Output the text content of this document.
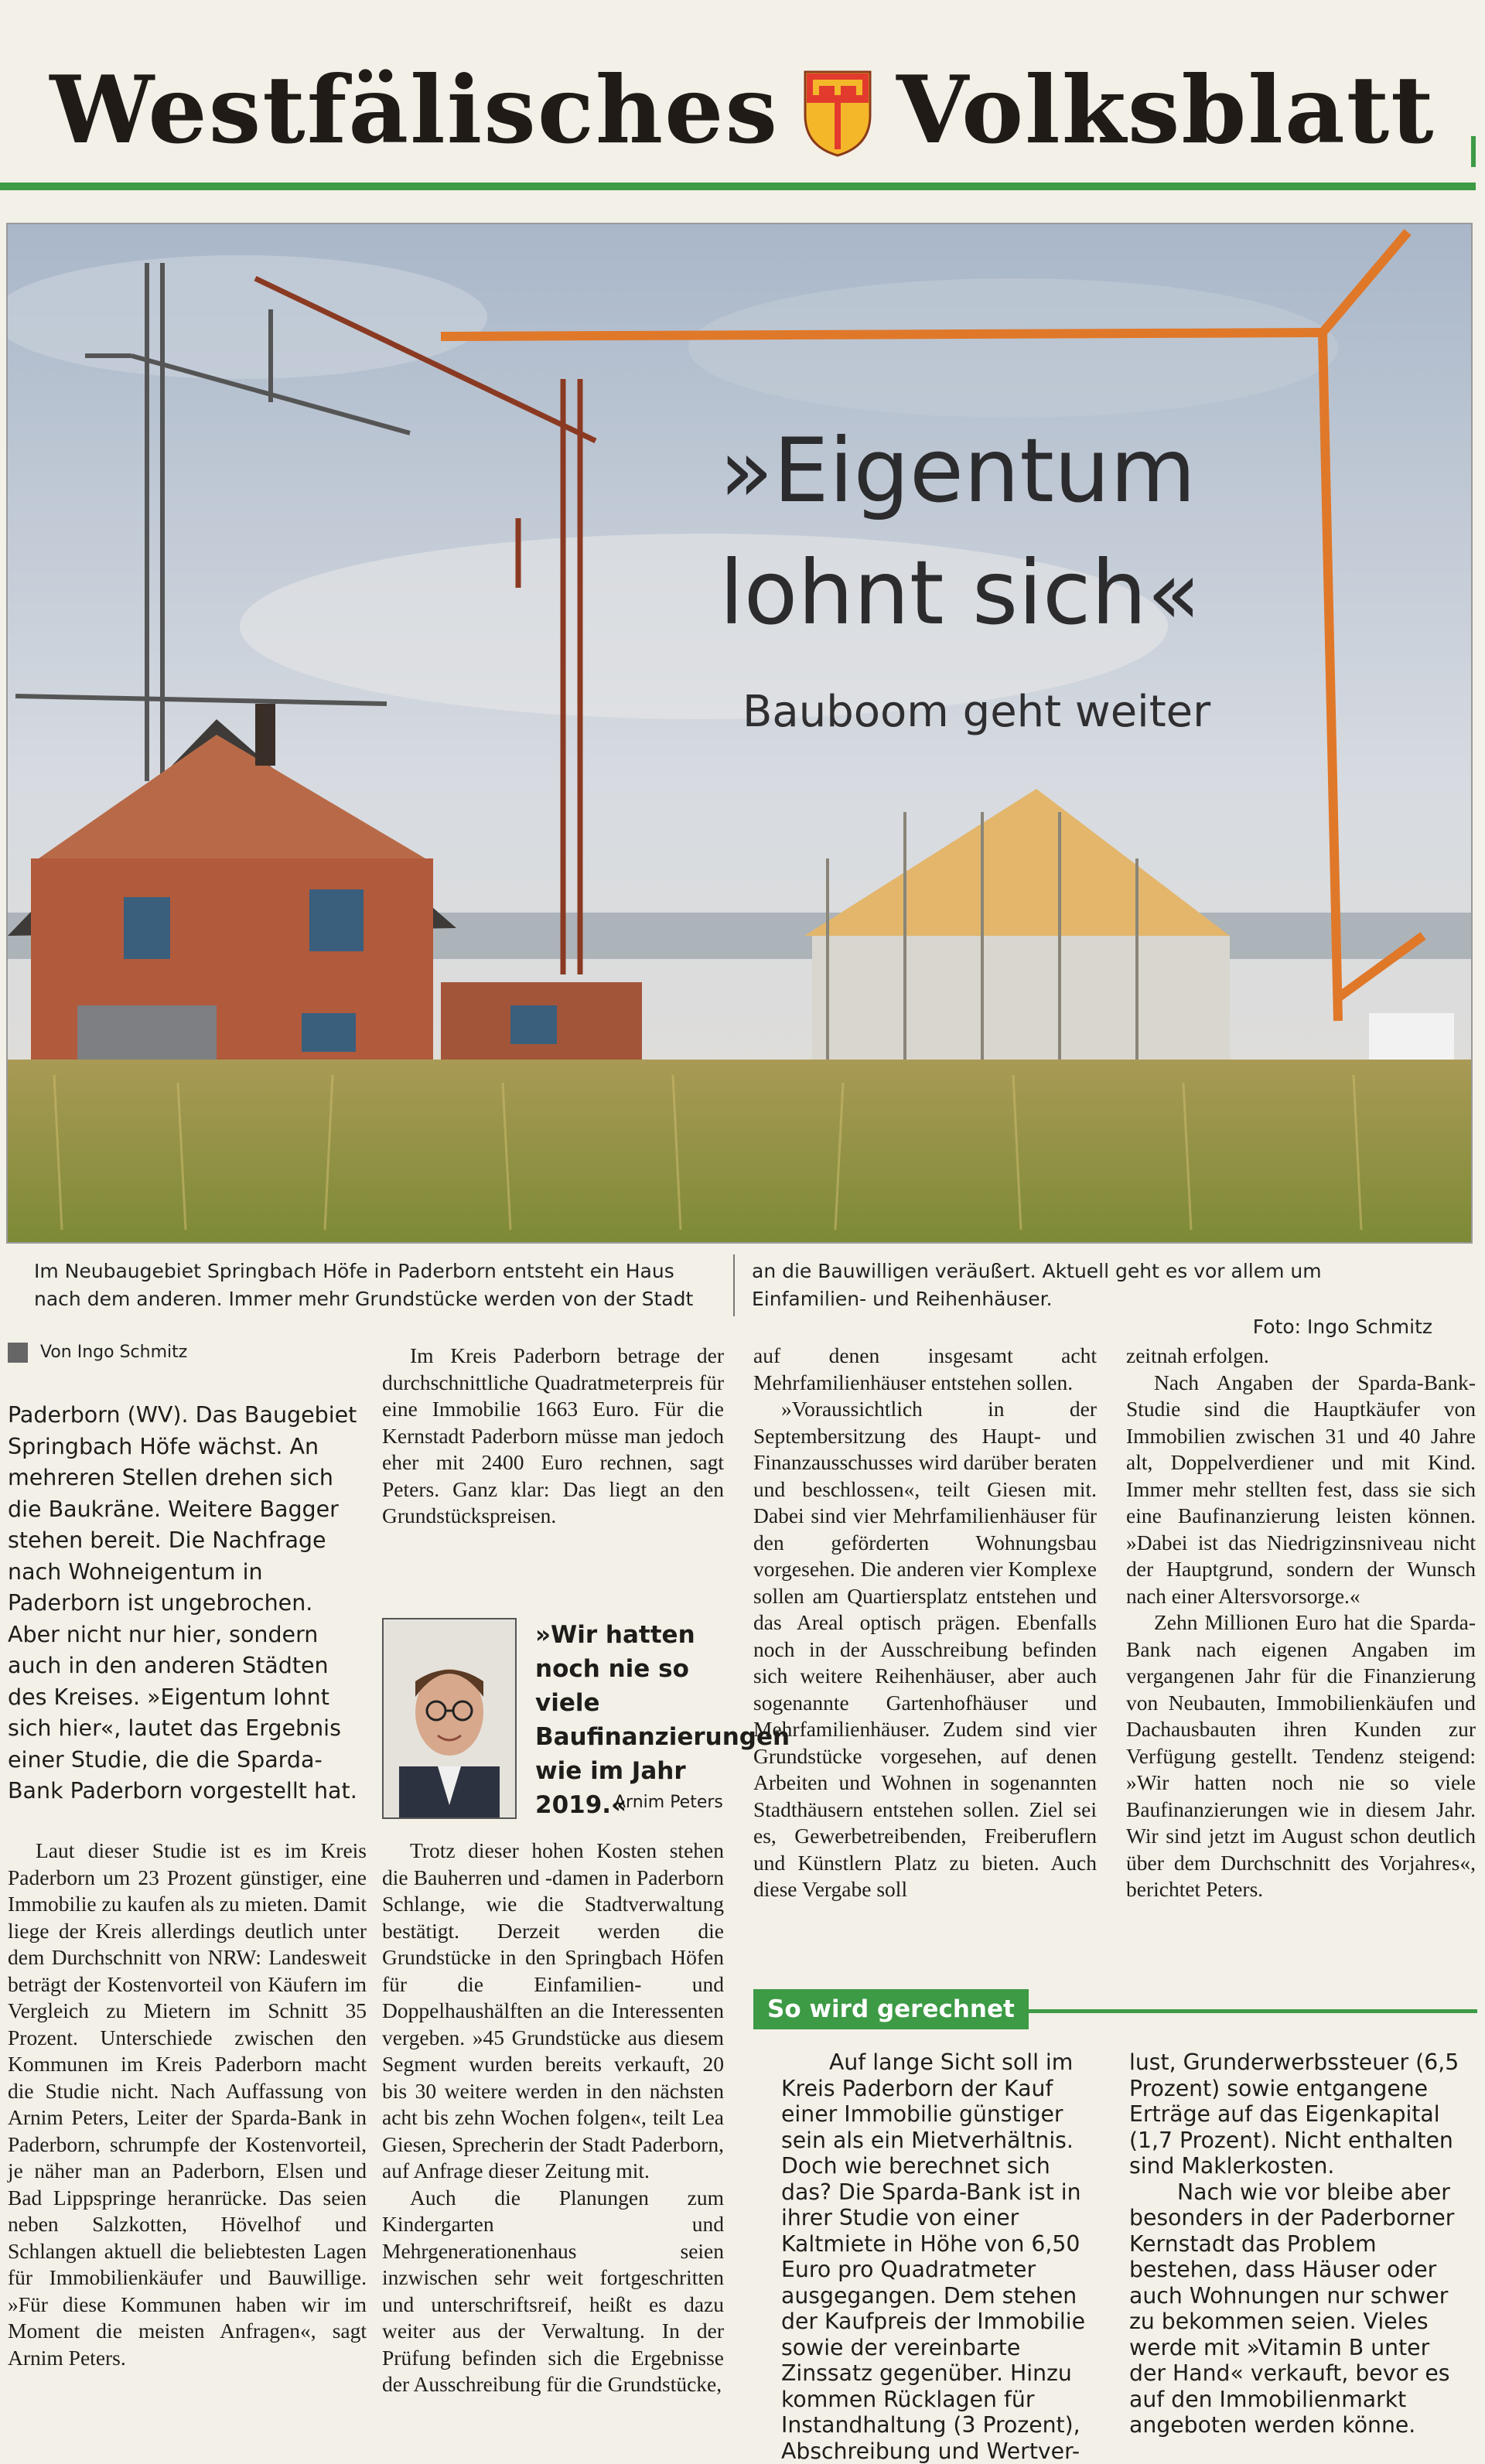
Westfälisches Volksblatt
»Eigentum
lohnt sich«
Bauboom geht weiter
Im Neubaugebiet Springbach Höfe in Paderborn entsteht ein Haus nach dem anderen. Immer mehr Grundstücke werden von der Stadt
an die Bauwilligen veräußert. Aktuell geht es vor allem um Einfamilien- und Reihenhäuser.
Foto: Ingo Schmitz
Von Ingo Schmitz

Paderborn (WV). Das Baugebiet Springbach Höfe wächst. An mehreren Stellen drehen sich die Baukräne. Weitere Bagger stehen bereit. Die Nachfrage nach Wohneigentum in Paderborn ist ungebrochen. Aber nicht nur hier, sondern auch in den anderen Städten des Kreises. »Eigentum lohnt sich hier«, lautet das Ergebnis einer Studie, die die Sparda-Bank Paderborn vorgestellt hat.

Laut dieser Studie ist es im Kreis Paderborn um 23 Prozent günstiger, eine Immobilie zu kaufen als zu mieten. Damit liege der Kreis allerdings deutlich unter dem Durchschnitt von NRW: Landesweit beträgt der Kostenvorteil von Käufern im Vergleich zu Mietern im Schnitt 35 Prozent. Unterschiede zwischen den Kommunen im Kreis Paderborn macht die Studie nicht. Nach Auffassung von Arnim Peters, Leiter der Sparda-Bank in Paderborn, schrumpfe der Kostenvorteil, je näher man an Paderborn, Elsen und Bad Lippspringe heranrücke. Das seien neben Salzkotten, Hövelhof und Schlangen aktuell die beliebtesten Lagen für Immobilienkäufer und Bauwillige. »Für diese Kommunen haben wir im Moment die meisten Anfragen«, sagt Arnim Peters.

Im Kreis Paderborn betrage der durchschnittliche Quadratmeterpreis für eine Immobilie 1663 Euro. Für die Kernstadt Paderborn müsse man jedoch eher mit 2400 Euro rechnen, sagt Peters. Ganz klar: Das liegt an den Grundstückspreisen.

»Wir hatten noch nie so viele Baufinanzierungen wie im Jahr 2019.«
Arnim Peters

Trotz dieser hohen Kosten stehen die Bauherren und -damen in Paderborn Schlange, wie die Stadtverwaltung bestätigt. Derzeit werden die Grundstücke in den Springbach Höfen für die Einfamilien- und Doppelhaushälften an die Interessenten vergeben. »45 Grundstücke aus diesem Segment wurden bereits verkauft, 20 bis 30 weitere werden in den nächsten acht bis zehn Wochen folgen«, teilt Lea Giesen, Sprecherin der Stadt Paderborn, auf Anfrage dieser Zeitung mit.

Auch die Planungen zum Kindergarten und Mehrgenerationenhaus seien inzwischen sehr weit fortgeschritten und unterschriftsreif, heißt es dazu weiter aus der Verwaltung. In der Prüfung befinden sich die Ergebnisse der Ausschreibung für die Grundstücke,

auf denen insgesamt acht Mehrfamilienhäuser entstehen sollen.

»Voraussichtlich in der Septembersitzung des Haupt- und Finanzausschusses wird darüber beraten und beschlossen«, teilt Giesen mit. Dabei sind vier Mehrfamilienhäuser für den geförderten Wohnungsbau vorgesehen. Die anderen vier Komplexe sollen am Quartiersplatz entstehen und das Areal optisch prägen. Ebenfalls noch in der Ausschreibung befinden sich weitere Reihenhäuser, aber auch sogenannte Gartenhofhäuser und Mehrfamilienhäuser. Zudem sind vier Grundstücke vorgesehen, auf denen Arbeiten und Wohnen in sogenannten Stadthäusern entstehen sollen. Ziel sei es, Gewerbetreibenden, Freiberuflern und Künstlern Platz zu bieten. Auch diese Vergabe soll

zeitnah erfolgen.

Nach Angaben der Sparda-Bank-Studie sind die Hauptkäufer von Immobilien zwischen 31 und 40 Jahre alt, Doppelverdiener und mit Kind. Immer mehr stellten fest, dass sie sich eine Baufinanzierung leisten können. »Dabei ist das Niedrigzinsniveau nicht der Hauptgrund, sondern der Wunsch nach einer Altersvorsorge.«

Zehn Millionen Euro hat die Sparda-Bank nach eigenen Angaben im vergangenen Jahr für die Finanzierung von Neubauten, Immobilienkäufen und Dachausbauten ihren Kunden zur Verfügung gestellt. Tendenz steigend: »Wir hatten noch nie so viele Baufinanzierungen wie in diesem Jahr. Wir sind jetzt im August schon deutlich über dem Durchschnitt des Vorjahres«, berichtet Peters.

So wird gerechnet

Auf lange Sicht soll im Kreis Paderborn der Kauf einer Immobilie günstiger sein als ein Mietverhältnis. Doch wie berechnet sich das? Die Sparda-Bank ist in ihrer Studie von einer Kaltmiete in Höhe von 6,50 Euro pro Quadratmeter ausgegangen. Dem stehen der Kaufpreis der Immobilie sowie der vereinbarte Zinssatz gegenüber. Hinzu kommen Rücklagen für Instandhaltung (3 Prozent), Abschreibung und Wertver-

lust, Grunderwerbssteuer (6,5 Prozent) sowie entgangene Erträge auf das Eigenkapital (1,7 Prozent). Nicht enthalten sind Maklerkosten.

Nach wie vor bleibe aber besonders in der Paderborner Kernstadt das Problem bestehen, dass Häuser oder auch Wohnungen nur schwer zu bekommen seien. Vieles werde mit »Vitamin B unter der Hand« verkauft, bevor es auf den Immobilienmarkt angeboten werden könne.
